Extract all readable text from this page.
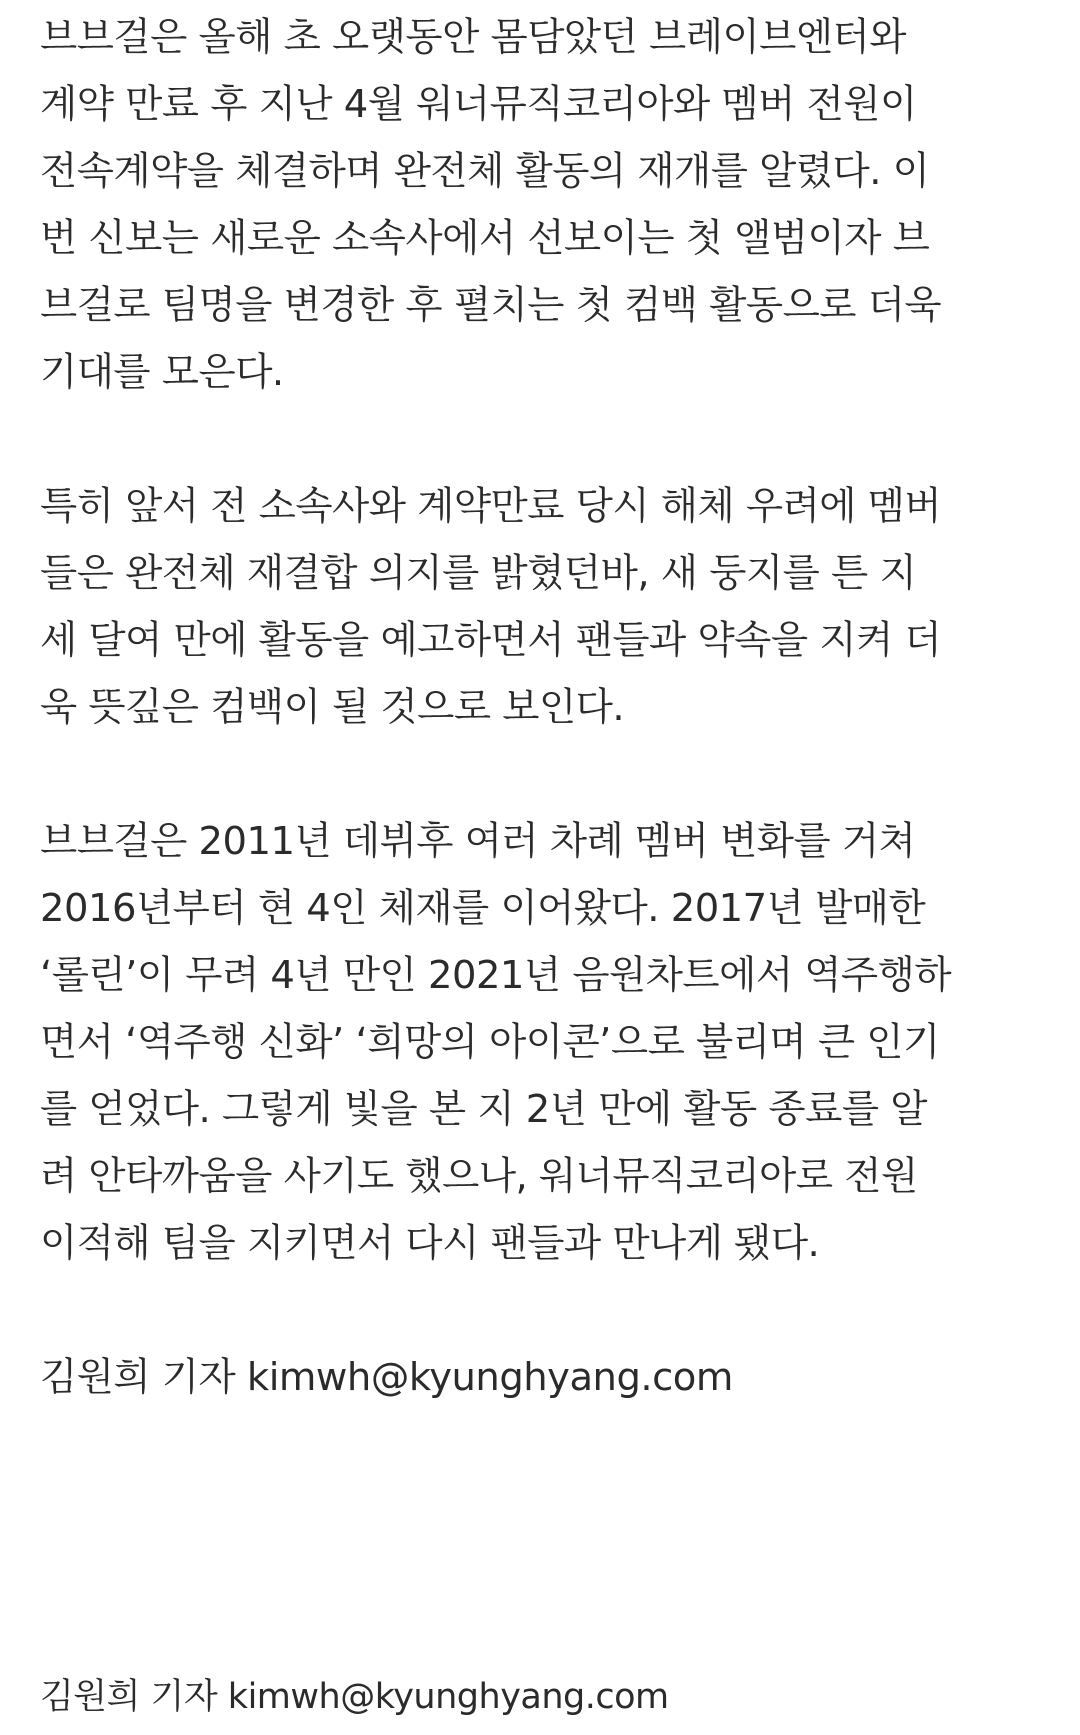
브브걸은 올해 초 오랫동안 몸담았던 브레이브엔터와
계약 만료 후 지난 4월 워너뮤직코리아와 멤버 전원이
전속계약을 체결하며 완전체 활동의 재개를 알렸다. 이
번 신보는 새로운 소속사에서 선보이는 첫 앨범이자 브
브걸로 팀명을 변경한 후 펼치는 첫 컴백 활동으로 더욱
기대를 모은다.

특히 앞서 전 소속사와 계약만료 당시 해체 우려에 멤버
들은 완전체 재결합 의지를 밝혔던바, 새 둥지를 튼 지
세 달여 만에 활동을 예고하면서 팬들과 약속을 지켜 더
욱 뜻깊은 컴백이 될 것으로 보인다.

브브걸은 2011년 데뷔후 여러 차례 멤버 변화를 거쳐
2016년부터 현 4인 체재를 이어왔다. 2017년 발매한
‘롤린’이 무려 4년 만인 2021년 음원차트에서 역주행하
면서 ‘역주행 신화’ ‘희망의 아이콘’으로 불리며 큰 인기
를 얻었다. 그렇게 빛을 본 지 2년 만에 활동 종료를 알
려 안타까움을 사기도 했으나, 워너뮤직코리아로 전원
이적해 팀을 지키면서 다시 팬들과 만나게 됐다.

김원희 기자 kimwh@kyunghyang.com

김원희 기자 kimwh@kyunghyang.com
